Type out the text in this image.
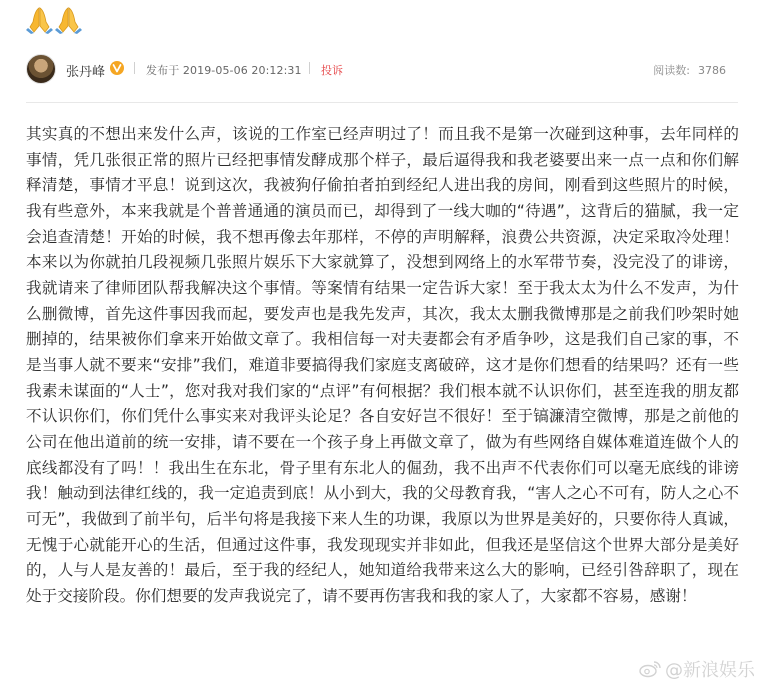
张丹峰	发布于 2019-05-06 20:12:31 投诉	阅读数: 3786

其实真的不想出来发什么声，该说的工作室已经声明过了！而且我不是第一次碰到这种事，去年同样的事情，凭几张很正常的照片已经把事情发酵成那个样子，最后逼得我和我老婆要出来一点一点和你们解释清楚，事情才平息！说到这次，我被狗仔偷拍者拍到经纪人进出我的房间，刚看到这些照片的时候，我有些意外，本来我就是个普普通通的演员而已，却得到了一线大咖的“待遇”，这背后的猫腻，我一定会追查清楚！开始的时候，我不想再像去年那样，不停的声明解释，浪费公共资源，决定采取冷处理！本来以为你就拍几段视频几张照片娱乐下大家就算了，没想到网络上的水军带节奏，没完没了的诽谤，我就请来了律师团队帮我解决这个事情。等案情有结果一定告诉大家！至于我太太为什么不发声，为什么删微博，首先这件事因我而起，要发声也是我先发声，其次，我太太删我微博那是之前我们吵架时她删掉的，结果被你们拿来开始做文章了。我相信每一对夫妻都会有矛盾争吵，这是我们自己家的事，不是当事人就不要来“安排”我们，难道非要搞得我们家庭支离破碎，这才是你们想看的结果吗？还有一些我素未谋面的“人士”，您对我对我们家的“点评”有何根据？我们根本就不认识你们，甚至连我的朋友都不认识你们，你们凭什么事实来对我评头论足？各自安好岂不很好！至于镐濂清空微博，那是之前他的公司在他出道前的统一安排，请不要在一个孩子身上再做文章了，做为有些网络自媒体难道连做个人的底线都没有了吗！！我出生在东北，骨子里有东北人的倔劲，我不出声不代表你们可以毫无底线的诽谤我！触动到法律红线的，我一定追责到底！从小到大，我的父母教育我，“害人之心不可有，防人之心不可无”，我做到了前半句，后半句将是我接下来人生的功课，我原以为世界是美好的，只要你待人真诚，无愧于心就能开心的生活，但通过这件事，我发现现实并非如此，但我还是坚信这个世界大部分是美好的，人与人是友善的！最后，至于我的经纪人，她知道给我带来这么大的影响，已经引咎辞职了，现在处于交接阶段。你们想要的发声我说完了，请不要再伤害我和我的家人了，大家都不容易，感谢！

@新浪娱乐
